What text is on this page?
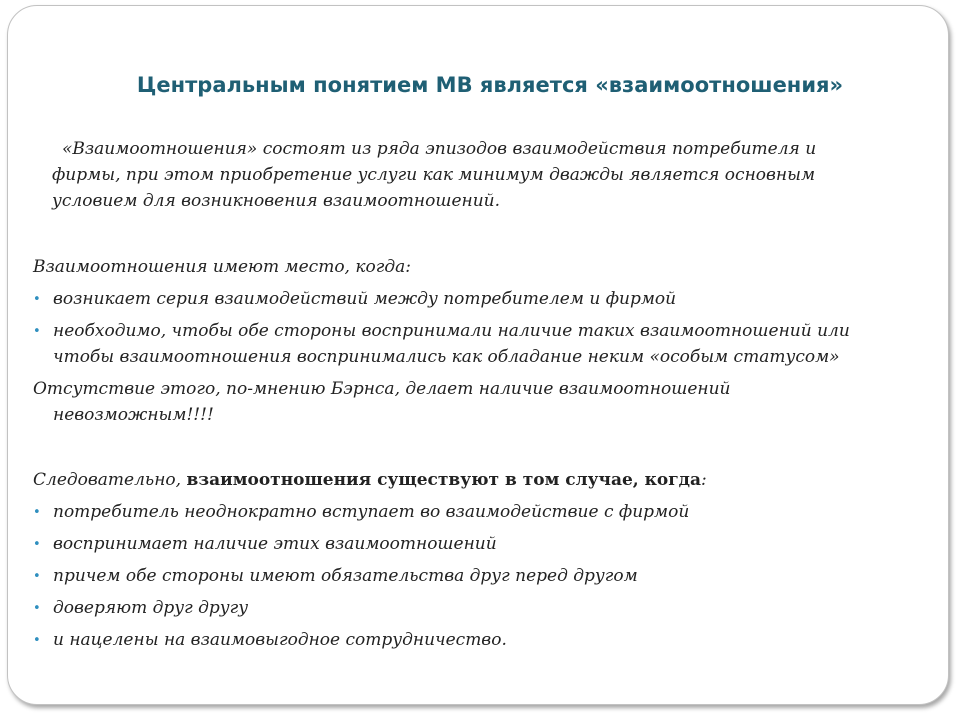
Центральным понятием МВ является «взаимоотношения»

«Взаимоотношения» состоят из ряда эпизодов взаимодействия потребителя и
фирмы, при этом приобретение услуги как минимум дважды является основным
условием для возникновения взаимоотношений.

Взаимоотношения имеют место, когда:
• возникает серия взаимодействий между потребителем и фирмой
• необходимо, чтобы обе стороны воспринимали наличие таких взаимоотношений или
чтобы взаимоотношения воспринимались как обладание неким «особым статусом»
Отсутствие этого, по-мнению Бэрнса, делает наличие взаимоотношений
невозможным!!!!
Следовательно, взаимоотношения существуют в том случае, когда:
• потребитель неоднократно вступает во взаимодействие с фирмой
• воспринимает наличие этих взаимоотношений
• причем обе стороны имеют обязательства друг перед другом
• доверяют друг другу
• и нацелены на взаимовыгодное сотрудничество.
